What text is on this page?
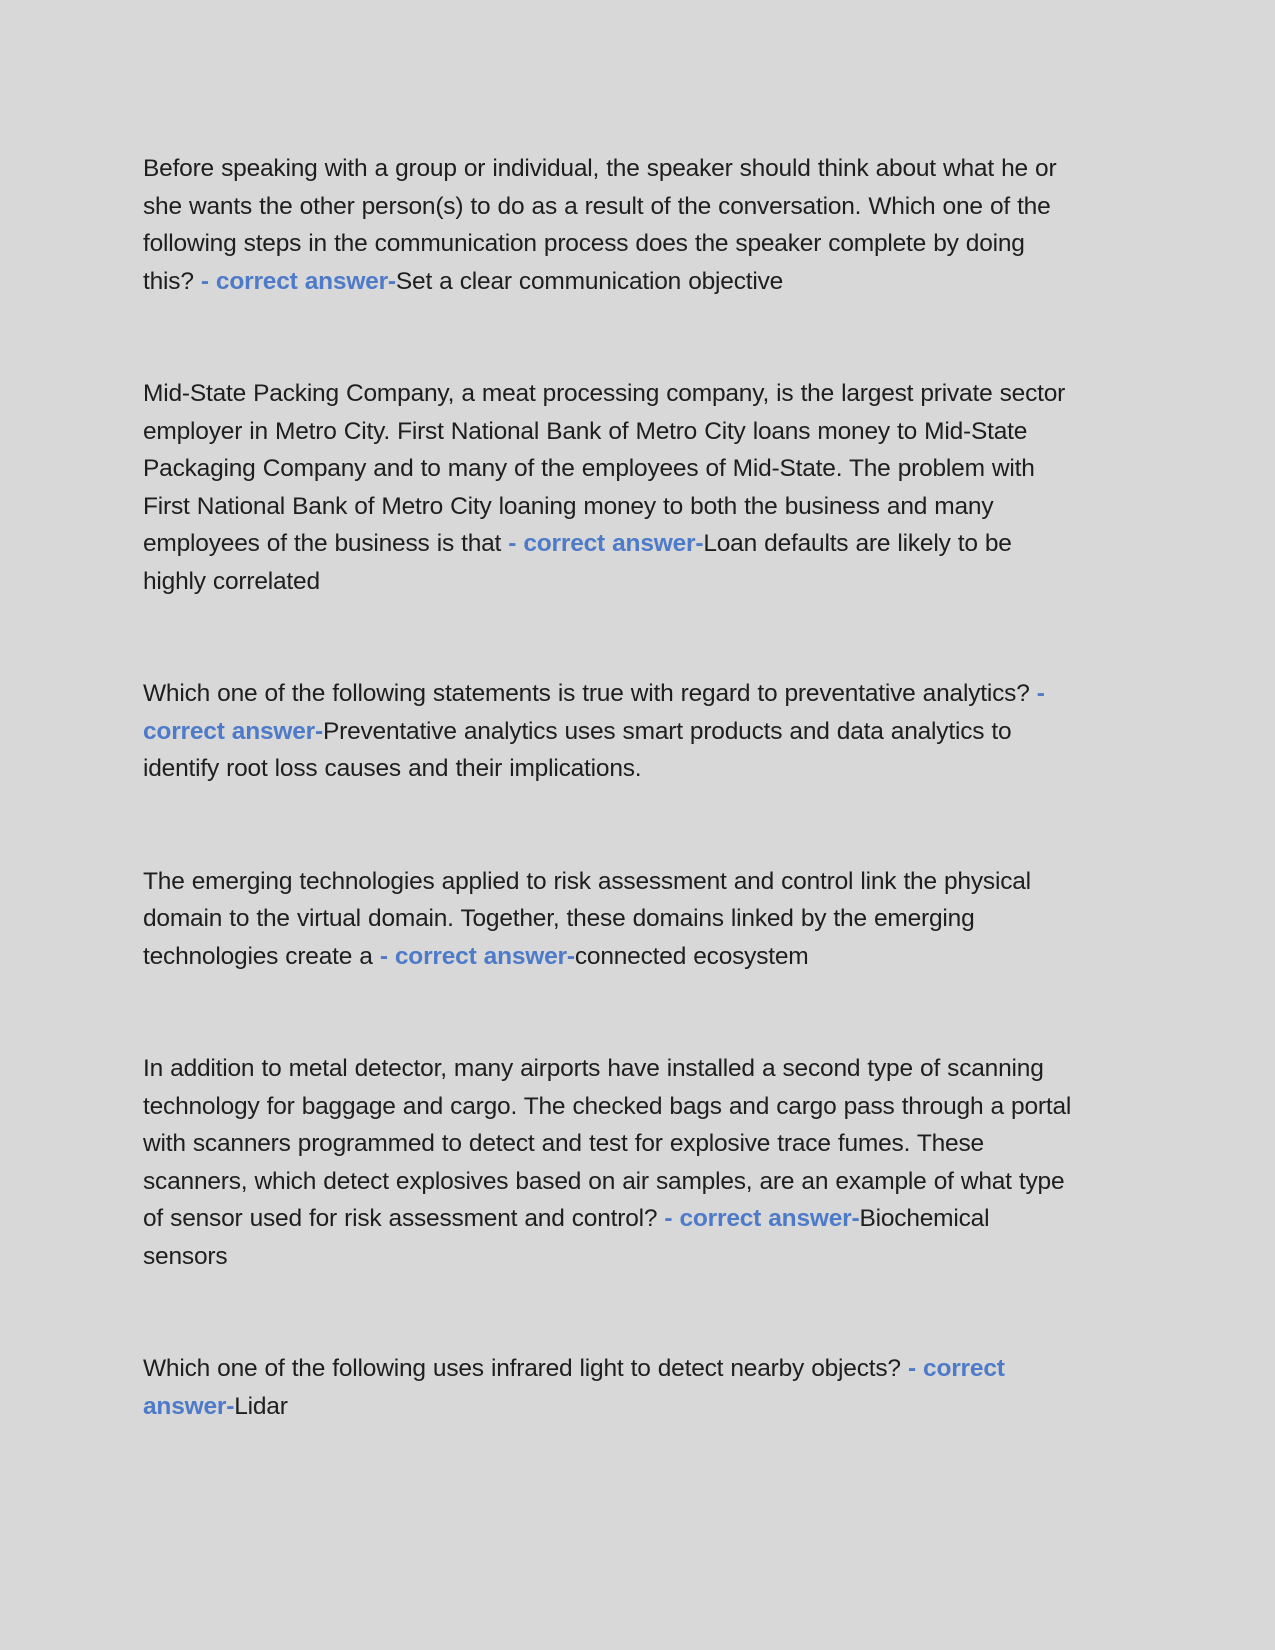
Before speaking with a group or individual, the speaker should think about what he or she wants the other person(s) to do as a result of the conversation. Which one of the following steps in the communication process does the speaker complete by doing this? - correct answer-Set a clear communication objective

Mid-State Packing Company, a meat processing company, is the largest private sector employer in Metro City. First National Bank of Metro City loans money to Mid-State Packaging Company and to many of the employees of Mid-State. The problem with First National Bank of Metro City loaning money to both the business and many employees of the business is that - correct answer-Loan defaults are likely to be highly correlated

Which one of the following statements is true with regard to preventative analytics? - correct answer-Preventative analytics uses smart products and data analytics to identify root loss causes and their implications.

The emerging technologies applied to risk assessment and control link the physical domain to the virtual domain. Together, these domains linked by the emerging technologies create a - correct answer-connected ecosystem

In addition to metal detector, many airports have installed a second type of scanning technology for baggage and cargo. The checked bags and cargo pass through a portal with scanners programmed to detect and test for explosive trace fumes. These scanners, which detect explosives based on air samples, are an example of what type of sensor used for risk assessment and control? - correct answer-Biochemical sensors

Which one of the following uses infrared light to detect nearby objects? - correct answer-Lidar
